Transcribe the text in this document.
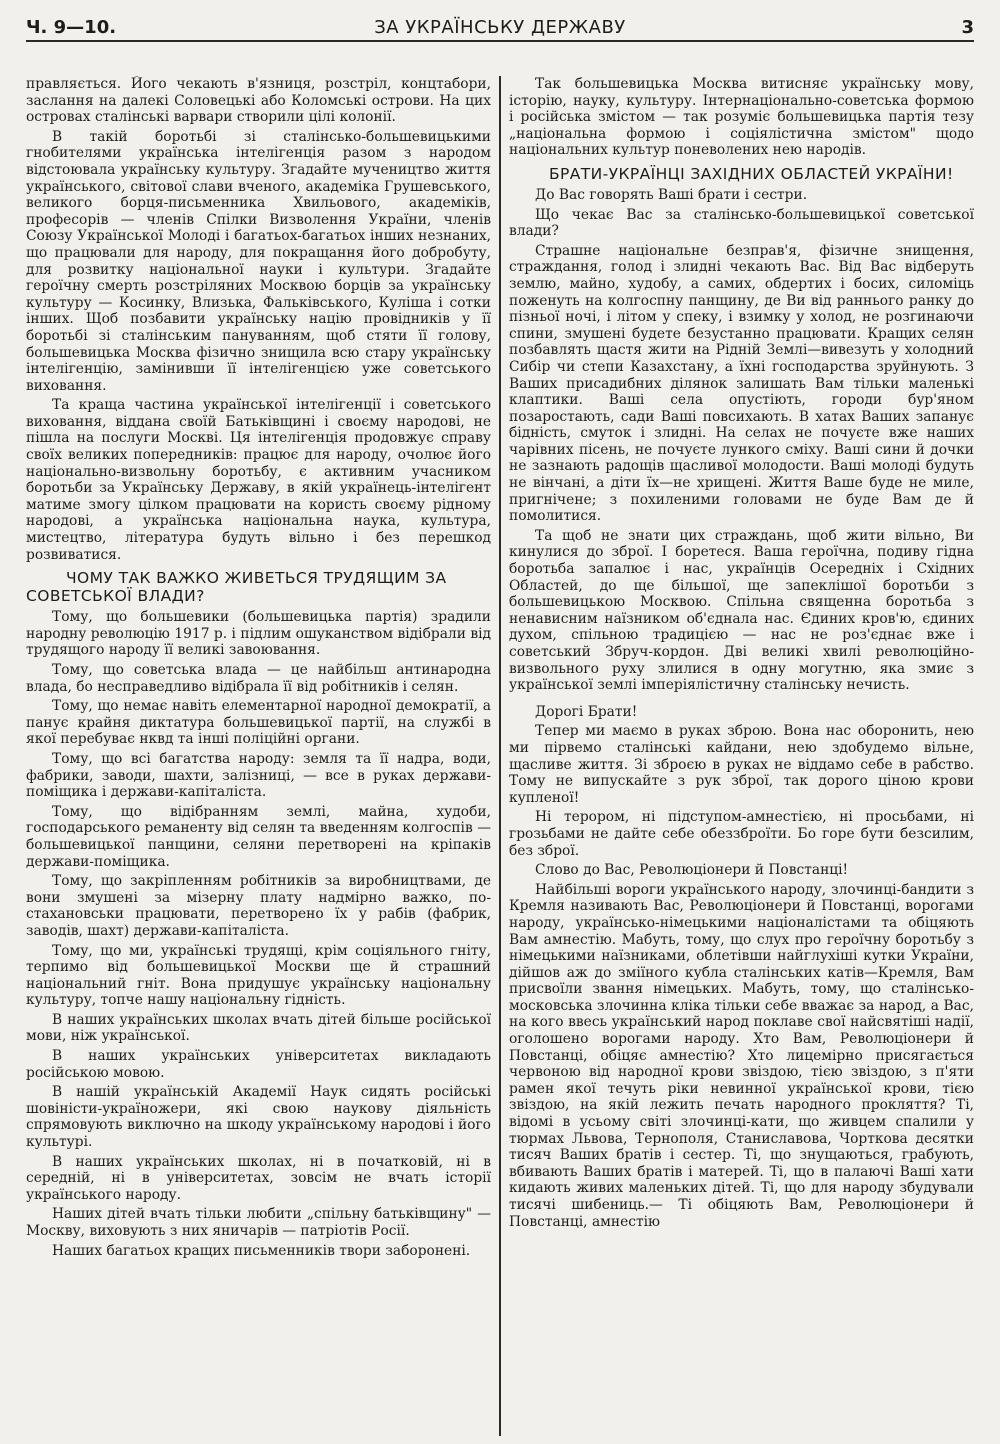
Ч. 9—10.	ЗА УКРАЇНСЬКУ ДЕРЖАВУ	3

правляється. Його чекають в'язниця, розстріл, концтабори, заслання на далекі Соловецькі або Коломські острови. На цих островах сталінські варвари створили цілі колонії.

В такій боротьбі зі сталінсько-большевицькими гнобителями українська інтелігенція разом з народом відстоювала українську культуру. Згадайте мучеництво життя українського, світової слави вченого, академіка Грушевського, великого борця-письменника Хвильового, академіків, професорів — членів Спілки Визволення України, членів Союзу Української Молоді і багатьох-багатьох інших незнаних, що працювали для народу, для покращання його добробуту, для розвитку національної науки і культури. Згадайте героїчну смерть розстріляних Москвою борців за українську культуру — Косинку, Влизька, Фальківського, Куліша і сотки інших. Щоб позбавити українську націю провідників у її боротьбі зі сталінським пануванням, щоб стяти її голову, большевицька Москва фізично знищила всю стару українську інтелігенцію, замінивши її інтелігенцією уже советського виховання.

Та краща частина української інтелігенції і советського виховання, віддана своїй Батьківщині і своєму народові, не пішла на послуги Москві. Ця інтелігенція продовжує справу своїх великих попередників: працює для народу, очолює його національно-визвольну боротьбу, є активним учасником боротьби за Українську Державу, в якій українець-інтелігент матиме змогу цілком працювати на користь своєму рідному народові, а українська національна наука, культура, мистецтво, література будуть вільно і без перешкод розвиватися.

ЧОМУ ТАК ВАЖКО ЖИВЕТЬСЯ ТРУДЯЩИМ ЗА СОВЕТСЬКОЇ ВЛАДИ?

Тому, що большевики (большевицька партія) зрадили народну революцію 1917 р. і підлим ошуканством відібрали від трудящого народу її великі завоювання.

Тому, що советська влада — це найбільш антинародна влада, бо несправедливо відібрала її від робітників і селян.

Тому, що немає навіть елементарної народної демократії, а панує крайня диктатура большевицької партії, на службі в якої перебуває нквд та інші поліційні органи.

Тому, що всі багатства народу: земля та її надра, води, фабрики, заводи, шахти, залізниці, — все в руках держави-поміщика і держави-капіталіста.

Тому, що відібранням землі, майна, худоби, господарського реманенту від селян та введенням колгоспів —большевицької панщини, селяни перетворені на кріпаків держави-поміщика.

Тому, що закріпленням робітників за виробництвами, де вони змушені за мізерну плату надмірно важко, по-стахановськи працювати, перетворено їх у рабів (фабрик, заводів, шахт) держави-капіталіста.

Тому, що ми, українські трудящі, крім соціяльного гніту, терпимо від большевицької Москви ще й страшний національний гніт. Вона придушує українську національну культуру, топче нашу національну гідність.

В наших українських школах вчать дітей більше російської мови, ніж української.

В наших українських університетах викладають російською мовою.

В нашій українській Академії Наук сидять російські шовіністи-українoжери, які свою наукову діяльність спрямовують виключно на шкоду українському народові і його культурі.

В наших українських школах, ні в початковій, ні в середній, ні в університетах, зовсім не вчать історії українського народу.

Наших дітей вчать тільки любити „спільну батьківщину" — Москву, виховують з них яничарів — патріотів Росії.

Наших багатьох кращих письменників твори заборонені.

Так большевицька Москва витисняє українську мову, історію, науку, культуру. Інтернаціонально-советська формою і російська змістом — так розуміє большевицька партія тезу „національна формою і соціялістична змістом" щодо національних культур поневолених нею народів.

БРАТИ-УКРАЇНЦІ ЗАХІДНИХ ОБЛАСТЕЙ УКРАЇНИ!

До Вас говорять Ваші брати і сестри.

Що чекає Вас за сталінсько-большевицької советської влади?

Страшне національне безправ'я, фізичне знищення, страждання, голод і злидні чекають Вас. Від Вас відберуть землю, майно, худобу, а самих, обдертих і босих, силоміць поженуть на колгоспну панщину, де Ви від раннього ранку до пізньої ночі, і літом у спеку, і взимку у холод, не розгинаючи спини, змушені будете безустанно працювати. Кращих селян позбавлять щастя жити на Рідній Землі—вивезуть у холодний Сибір чи степи Казахстану, а їхні господарства зруйнують. З Ваших присадибних ділянок залишать Вам тільки маленькі клаптики. Ваші села опустіють, городи бур'яном позаростають, сади Ваші повсихають. В хатах Ваших запанує бідність, смуток і злидні. На селах не почуєте вже наших чарівних пісень, не почуєте лункого сміху. Ваші сини й дочки не зазнають радощів щасливої молодости. Ваші молоді будуть не вінчані, а діти їх—не хрищені. Життя Ваше буде не миле, пригнічене; з похиленими головами не буде Вам де й помолитися.

Та щоб не знати цих страждань, щоб жити вільно, Ви кинулися до зброї. І боретеся. Ваша героїчна, подиву гідна боротьба запалює і нас, українців Осередніх і Східних Областей, до ще більшої, ще запеклішої боротьби з большевицькою Москвою. Спільна священна боротьба з ненависним наїзником об'єднала нас. Єдиних кров'ю, єдиних духом, спільною традицією — нас не роз'єднає вже і советський Збруч-кордон. Дві великі хвилі революційно-визвольного руху злилися в одну могутню, яка змиє з української землі імперіялістичну сталінську нечисть.

Дорогі Брати!

Тепер ми маємо в руках зброю. Вона нас оборонить, нею ми пірвемо сталінські кайдани, нею здобудемо вільне, щасливе життя. Зі зброєю в руках не віддамо себе в рабство. Тому не випускайте з рук зброї, так дорого ціною крови купленої!

Ні терором, ні підступом-амнестією, ні просьбами, ні грозьбами не дайте себе обеззброїти. Бо горе бути безсилим, без зброї.

Слово до Вас, Революціонери й Повстанці!

Найбільші вороги українського народу, злочинці-бандити з Кремля називають Вас, Революціонери й Повстанці, ворогами народу, українсько-німецькими націоналістами та обіцяють Вам амнестію. Мабуть, тому, що слух про героїчну боротьбу з німецькими наїзниками, облетівши найглухіші кутки України, дійшов аж до зміїного кубла сталінських катів—Кремля, Вам присвоїли звання німецьких. Мабуть, тому, що сталінсько-московська злочинна кліка тільки себе вважає за народ, а Вас, на кого ввесь український народ поклаве свої найсвятіші надії, оголошено ворогами народу. Хто Вам, Революціонери й Повстанці, обіцяє амнестію? Хто лицемірно присягається червоною від народної крови звіздою, тією звіздою, з п'яти рамен якої течуть ріки невинної української крови, тією звіздою, на якій лежить печать народного прокляття? Ті, відомі в усьому світі злочинці-кати, що живцем спалили у тюрмах Львова, Тернополя, Станиславова, Чорткова десятки тисяч Ваших братів і сестер. Ті, що знущаються, грабують, вбивають Ваших братів і матерей. Ті, що в палаючі Ваші хати кидають живих маленьких дітей. Ті, що для народу збудували тисячі шибениць.— Ті обіцяють Вам, Революціонери й Повстанці, амнестію
